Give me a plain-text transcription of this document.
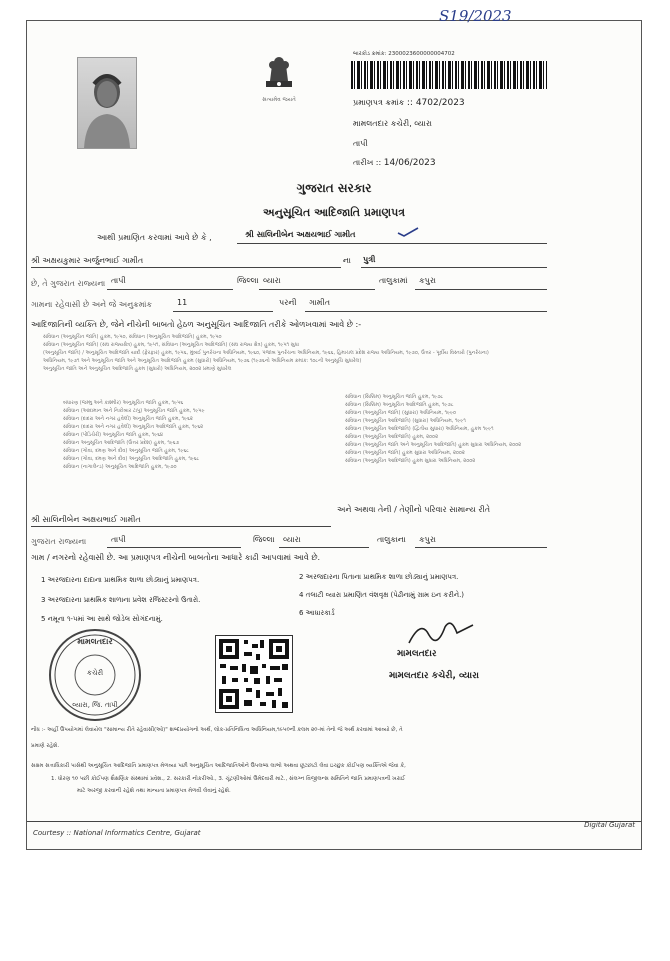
S19/2023
સત્યમેવ જયતે
બારકોડ ક્રમાંક: 2300023600000004702
પ્રમાણપત્ર ક્રમાંક :: 4702/2023
મામલતદાર કચેરી, વ્યારા
તાપી
તારીખ :: 14/06/2023
ગુજરાત સરકાર
અનુસૂચિત આદિજાતિ પ્રમાણપત્ર
આથી પ્રમાણિત કરવામાં આવે છે કે ,	શ્રી સાલિનીબેન અક્ષયભાઈ ગામીત
શ્રી અક્ષયકુમાર અર્જુનભાઈ ગામીત	ના પુત્રી
છે, તે ગુજરાત રાજ્યના તાપી	જિલ્લા વ્યારા	તાલુકામાં કપુરા
ગામના રહેવાસી છે અને જે અનુક્રમાંક	11	પરની ગામીત
આદિજાતિની વ્યક્તિ છે, જેને નીચેની બાબતો હેઠળ અનુસૂચિત આદિજાતિ તરીકે ઓળખવામાં આવે છે :-
સંવિધાન (અનુસૂચિત જાતિ) હુકમ, ૧૯૫૦, સંવિધાન (અનુસૂચિત આદિજાતિ) હુકમ, ૧૯૫૦
સંવિધાન (અનુસૂચિત જાતિ) (સંઘ રાજ્યક્ષેત્ર) હુકમ, ૧૯૫૧, સંવિધાન (અનુસૂચિત આદિજાતિ) (સંઘ રાજ્ય ક્ષેત્ર) હુકમ, ૧૯૫૧ સુધા
(અનુસૂચિત જાતિ) / અનુસૂચિત આદિજાતિ યાદી (ફેરફાર) હુકમ, ૧૯૫૬, મુંબઈ પુનર્રચના અધિનિયમ, ૧૯૬૦, પંજાબ પુનર્રચના અધિનિયમ, ૧૯૬૬, હિમાચલ પ્રદેશ રાજ્ય અધિનિયમ, ૧૯૭૦, ઉત્તર - પૂર્વીય વિસ્તારો (પુનર્રચના)
અધિનિયમ, ૧૯૭૧ અને અનુસૂચિત જાતિ અને અનુસૂચિત આદિજાતિ હુકમ (સુધારો) અધિનિયમ, ૧૯૭૬ (૧૯૭૬નો અધિનિયમ ક્રમાંક: ૧૦૮ની અનુસૂચિ સુધારેલ)
અનુસૂચિત જાતિ અને અનુસૂચિત આદિજાતિ હુકમ (સુધારો) અધિનિયમ, ૨૦૦૨ પ્રમાણે સુધારેલ
બંધારણ (જમ્મુ અને કાશ્મીર) અનુસૂચિત જાતિ હુકમ, ૧૯૫૬
સંવિધાન (આંદામાન અને નિકોબાર ટાપુ) અનુસૂચિત જાતિ હુકમ, ૧૯૫૯
સંવિધાન (દાદરા અને નગર હવેલી) અનુસૂચિત જાતિ હુકમ, ૧૯૬૨
સંવિધાન (દાદરા અને નગર હવેલી) અનુસૂચિત આદિજાતિ હુકમ, ૧૯૬૨
સંવિધાન (પોંડિચેરી) અનુસૂચિત જાતિ હુકમ, ૧૯૬૪
સંવિધાન અનુસૂચિત આદિજાતિ (ઉત્તર પ્રદેશ) હુકમ, ૧૯૬૭
સંવિધાન (ગોવા, દમણ અને દીવ) અનુસૂચિત જાતિ હુકમ, ૧૯૬૮
સંવિધાન (ગોવા, દમણ અને દીવ) અનુસૂચિત આદિજાતિ હુકમ, ૧૯૬૮
સંવિધાન (નાગાલેન્ડ) અનુસૂચિત આદિજાતિ હુકમ, ૧૯૭૦
સંવિધાન (સિક્કિમ) અનુસૂચિત જાતિ હુકમ, ૧૯૭૮
સંવિધાન (સિક્કિમ) અનુસૂચિત આદિજાતિ હુકમ, ૧૯૭૮
સંવિધાન (અનુસૂચિત જાતિ) (સુધારા) અધિનિયમ, ૧૯૯૦
સંવિધાન (અનુસૂચિત આદિજાતિ) (સુધારા) અધિનિયમ, ૧૯૯૧
સંવિધાન (અનુસૂચિત આદિજાતિ) (દ્વિતીય સુધારા) અધિનિયમ, હુકમ ૧૯૯૧
સંવિધાન (અનુસૂચિત આદિજાતિ) હુકમ, ૨૦૦૨
સંવિધાન (અનુસૂચિત જાતિ અને અનુસૂચિત આદિજાતિ) હુકમ સુધારા અધિનિયમ, ૨૦૦૨
સંવિધાન (અનુસૂચિત જાતિ) હુકમ સુધારા અધિનિયમ, ૨૦૦૨
સંવિધાન (અનુસૂચિત આદિજાતિ) હુકમ સુધારા અધિનિયમ, ૨૦૦૨
શ્રી સાલિનીબેન અક્ષયભાઈ ગામીત
અને અથવા તેની / તેણીનો પરિવાર સામાન્ય રીતે
ગુજરાત રાજ્યના	તાપી	જિલ્લા વ્યારા	તાલુકાના કપુરા
ગામ / નગરનો રહેવાસી છે. આ પ્રમાણપત્ર નીચેની બાબતોના આધારે કાઢી આપવામાં આવે છે.
1 અરજદારના દાદાના પ્રાથમિક શાળા છોડ્યાનું પ્રમાણપત્ર.	2 અરજદારના પિતાના પ્રાથમિક શાળા છોડ્યાનું પ્રમાણપત્ર.
3 અરજદારના પ્રાથમિક શાળાના પ્રવેશ રજિસ્ટરનો ઉતારો.
4 તલાટી વ્યારા પ્રમાણિત વંશવૃક્ષ (પેઢીનામું ગ્રામ ઇન કરીને.)
5 નમૂના ૧-૫માં આ સાથે જોડેલ સોગંદનામું.
6 આધારકાર્ડ
મામલતદાર
કચેરી
વ્યારા, જિ. તાપી
મામલતદાર
મામલતદાર કચેરી, વ્યારા
નોંધ :- અહીં ઉપયોગમાં લેવાયેલ "સામાન્ય રીતે રહેવાસી(ઓ)" શબ્દપ્રયોગનો અર્થ, લોક-પ્રતિનિધિત્વ અધિનિયમ,૧૯૫૦ની કલમ ૨૦-માં તેનો જે અર્થ કરવામાં આવ્યો છે, તે
પ્રમાણે રહેશે.
સક્ષમ સત્તાધિકારી પાસેથી અનુસૂચિત આદિજાતિ પ્રમાણપત્ર મેળવ્યા પછી અનુસૂચિત આદિજાતિઓને ઉપલબ્ધ લાભો અથવા છૂટછાટો લેવા ઇચ્છુક કોઈપણ વ્યક્તિએ જેવા કે,
1. ધોરણ ૧૦ પછી કોઈપણ શૈક્ષણિક સંસ્થામાં પ્રવેશ., 2. સરકારી નોકરીઓ., 3. ચૂંટણીઓમાં ઉમેદવારી માટે., સંલગ્ન વિજીલન્સ સમિતિને જાતિ પ્રમાણપત્રની ખરાઈ
માટે અરજી કરવાની રહેશે તથા માન્યતા પ્રમાણપત્ર મેળવી લેવાનું રહેશે.
Courtesy :: National Informatics Centre, Gujarat
Digital Gujarat
